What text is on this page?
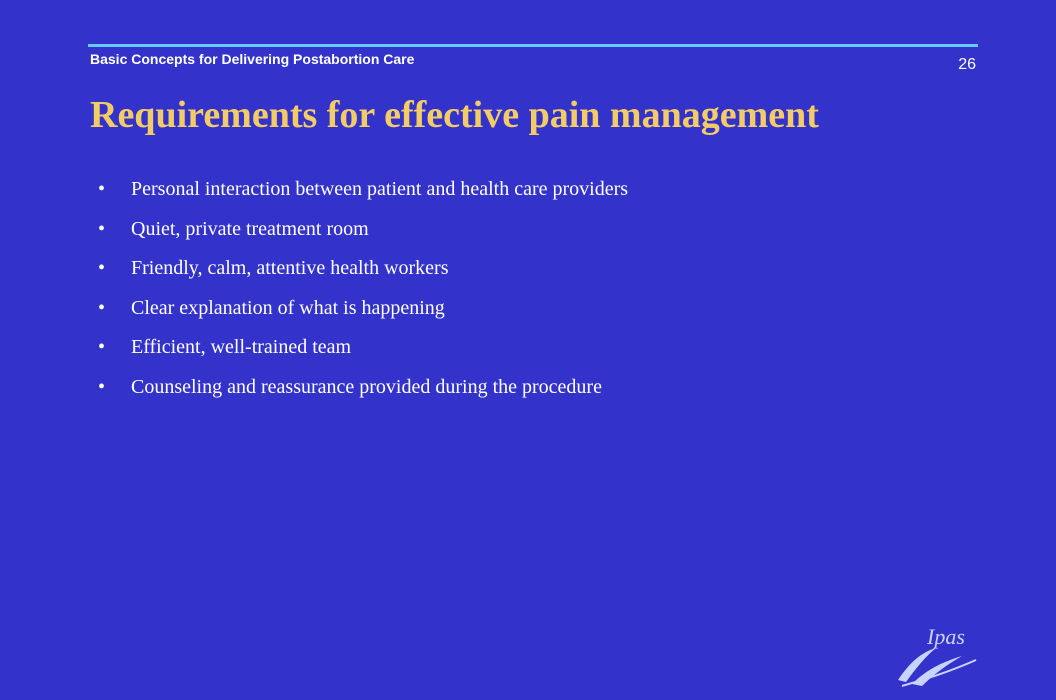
Basic Concepts for Delivering Postabortion Care	26
Requirements for effective pain management
•	Personal interaction between patient and health care providers
•	Quiet, private treatment room
•	Friendly, calm, attentive health workers
•	Clear explanation of what is happening
•	Efficient, well-trained team
•	Counseling and reassurance provided during the procedure
Ipas
